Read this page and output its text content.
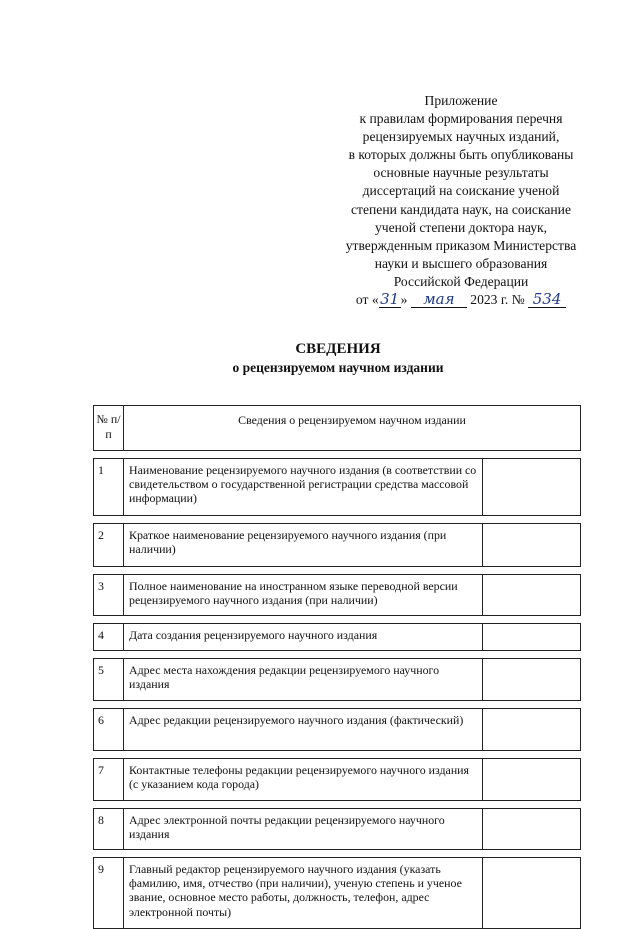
Приложение
к правилам формирования перечня
рецензируемых научных изданий,
в которых должны быть опубликованы
основные научные результаты
диссертаций на соискание ученой
степени кандидата наук, на соискание
ученой степени доктора наук,
утвержденным приказом Министерства
науки и высшего образования
Российской Федерации
от «31» мая 2023 г. № 534
СВЕДЕНИЯ
о рецензируемом научном издании
№ п/п	Сведения о рецензируемом научном издании	

1	Наименование рецензируемого научного издания (в соответствии со свидетельством о государственной регистрации средства массовой информации)	

2	Краткое наименование рецензируемого научного издания (при наличии)	

3	Полное наименование на иностранном языке переводной версии рецензируемого научного издания (при наличии)	

4	Дата создания рецензируемого научного издания	

5	Адрес места нахождения редакции рецензируемого научного издания	

6	Адрес редакции рецензируемого научного издания (фактический)	

7	Контактные телефоны редакции рецензируемого научного издания (с указанием кода города)	

8	Адрес электронной почты редакции рецензируемого научного издания	

9	Главный редактор рецензируемого научного издания (указать фамилию, имя, отчество (при наличии), ученую степень и ученое звание, основное место работы, должность, телефон, адрес электронной почты)	
